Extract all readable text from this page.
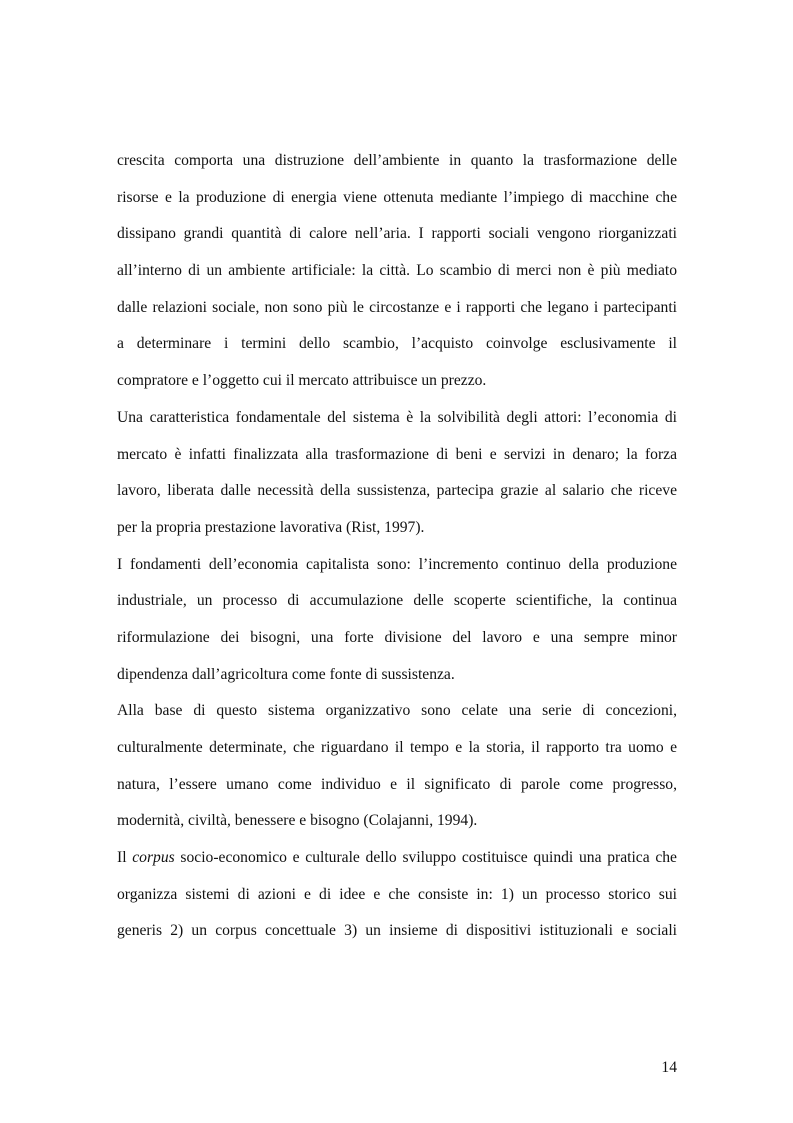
crescita comporta una distruzione dell’ambiente in quanto la trasformazione delle
risorse e la produzione di energia viene ottenuta mediante l’impiego di macchine che
dissipano grandi quantità di calore nell’aria. I rapporti sociali vengono riorganizzati
all’interno di un ambiente artificiale: la città. Lo scambio di merci non è più mediato
dalle relazioni sociale, non sono più le circostanze e i rapporti che legano i partecipanti
a determinare i termini dello scambio, l’acquisto coinvolge esclusivamente il
compratore e l’oggetto cui il mercato attribuisce un prezzo.
Una caratteristica fondamentale del sistema è la solvibilità degli attori: l’economia di
mercato è infatti finalizzata alla trasformazione di beni e servizi in denaro; la forza
lavoro, liberata dalle necessità della sussistenza, partecipa grazie al salario che riceve
per la propria prestazione lavorativa (Rist, 1997).
I fondamenti dell’economia capitalista sono: l’incremento continuo della produzione
industriale, un processo di accumulazione delle scoperte scientifiche, la continua
riformulazione dei bisogni, una forte divisione del lavoro e una sempre minor
dipendenza dall’agricoltura come fonte di sussistenza.
Alla base di questo sistema organizzativo sono celate una serie di concezioni,
culturalmente determinate, che riguardano il tempo e la storia, il rapporto tra uomo e
natura, l’essere umano come individuo e il significato di parole come progresso,
modernità, civiltà, benessere e bisogno (Colajanni, 1994).
Il corpus socio-economico e culturale dello sviluppo costituisce quindi una pratica che
organizza sistemi di azioni e di idee e che consiste in: 1) un processo storico sui
generis 2) un corpus concettuale 3) un insieme di dispositivi istituzionali e sociali
14
